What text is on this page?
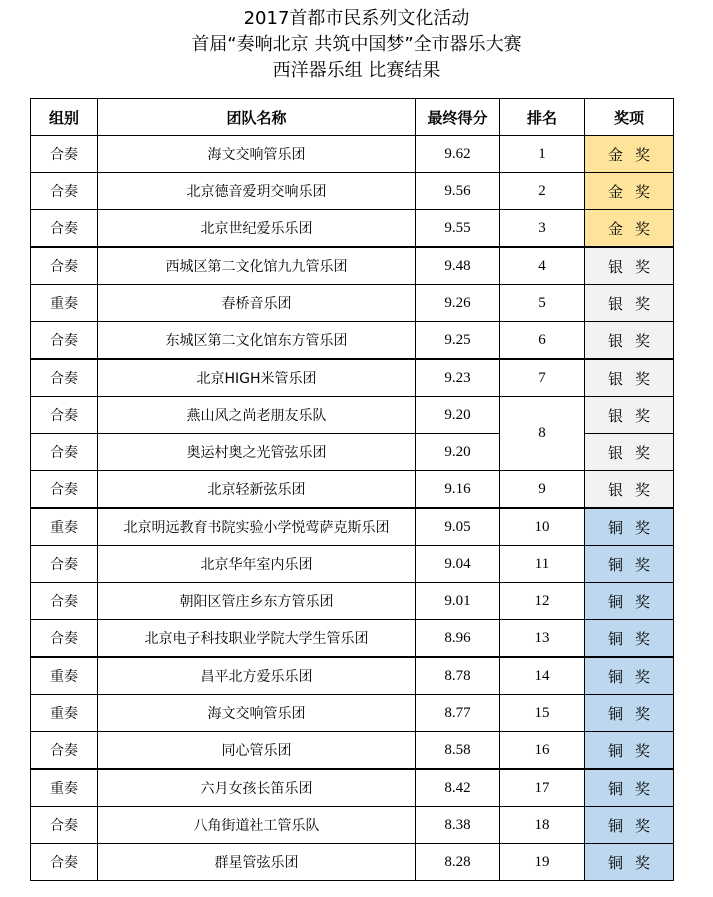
2017首都市民系列文化活动
首届“奏响北京 共筑中国梦”全市器乐大赛
西洋器乐组 比赛结果
组别	团队名称	最终得分	排名	奖项
合奏	海文交响管乐团	9.62	1	金奖
合奏	北京德音爱玥交响乐团	9.56	2	金奖
合奏	北京世纪爱乐乐团	9.55	3	金奖
合奏	西城区第二文化馆九九管乐团	9.48	4	银奖
重奏	春桥音乐团	9.26	5	银奖
合奏	东城区第二文化馆东方管乐团	9.25	6	银奖
合奏	北京HIGH米管乐团	9.23	7	银奖
合奏	燕山风之尚老朋友乐队	9.20	8	银奖
合奏	奥运村奥之光管弦乐团	9.20		银奖
合奏	北京轻新弦乐团	9.16	9	银奖
重奏	北京明远教育书院实验小学悦莺萨克斯乐团	9.05	10	铜奖
合奏	北京华年室内乐团	9.04	11	铜奖
合奏	朝阳区管庄乡东方管乐团	9.01	12	铜奖
合奏	北京电子科技职业学院大学生管乐团	8.96	13	铜奖
重奏	昌平北方爱乐乐团	8.78	14	铜奖
重奏	海文交响管乐团	8.77	15	铜奖
合奏	同心管乐团	8.58	16	铜奖
重奏	六月女孩长笛乐团	8.42	17	铜奖
合奏	八角街道社工管乐队	8.38	18	铜奖
合奏	群星管弦乐团	8.28	19	铜奖
